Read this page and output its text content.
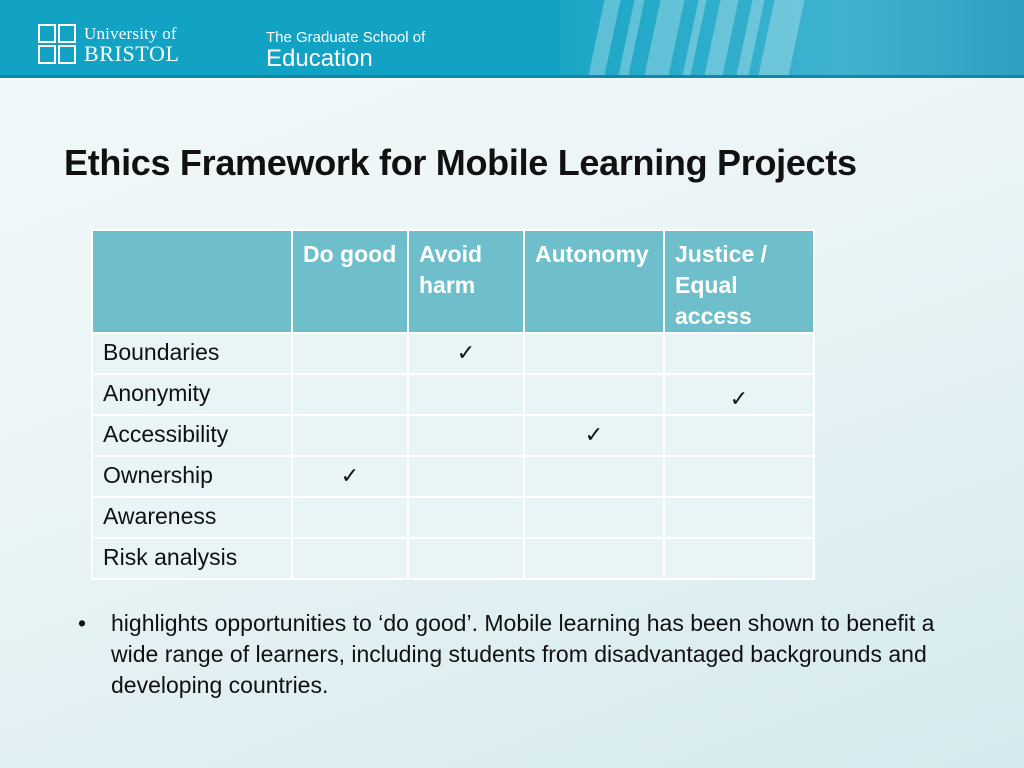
University of
BRISTOL
The Graduate School of
Education
Ethics Framework for Mobile Learning Projects
	Do good	Avoid harm	Autonomy	Justice / Equal access
Boundaries		✓		
Anonymity				✓
Accessibility			✓	
Ownership	✓			
Awareness				
Risk analysis				
•	highlights opportunities to ‘do good’. Mobile learning has been shown to benefit a wide range of learners, including students from disadvantaged backgrounds and developing countries.
